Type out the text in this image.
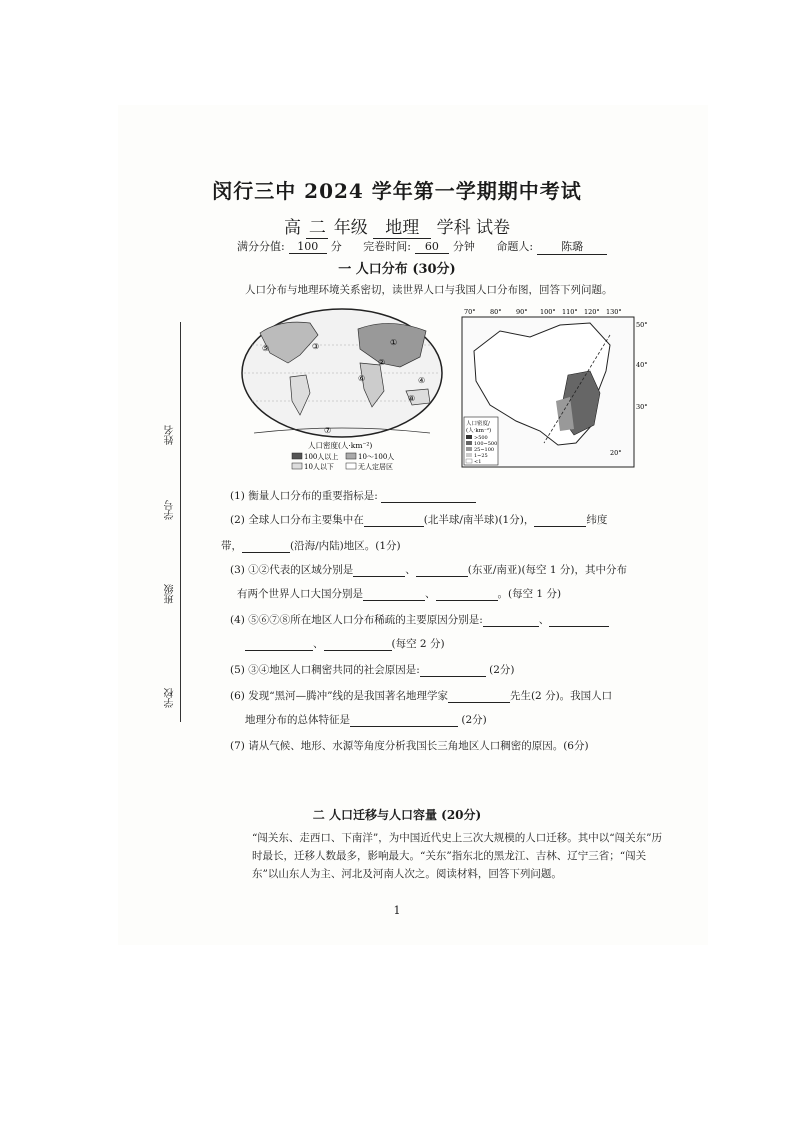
闵行三中 2024 学年第一学期期中考试
高 二 年级 地理 学科 试卷
满分分值: 100 分 完卷时间: 60 分钟 命题人:	陈璐
一 人口分布 (30分)
人口分布与地理环境关系密切，读世界人口与我国人口分布图，回答下列问题。
姓名
学号
班级
学校
⑤	③	①
②
④
⑥
⑧
⑦
人口密度(人·km⁻²)
100人以上	10～100人
10人以下	无人定居区
70° 80° 90° 100° 110° 120° 130°
50°
40°
30°
20°
人口密度/
(人·km⁻²)
>500
100~500
25~100
1~25
<1
(1) 衡量人口分布的重要指标是:
(2) 全球人口分布主要集中在	(北半球/南半球)(1分)，	纬度
带，	(沿海/内陆)地区。(1分)
(3) ①②代表的区域分别是	、	(东亚/南亚)(每空 1 分)，其中分布
有两个世界人口大国分别是	、	。(每空 1 分)
(4) ⑤⑥⑦⑧所在地区人口分布稀疏的主要原因分别是:	、
、	(每空 2 分)
(5) ③④地区人口稠密共同的社会原因是:	(2分)
(6) 发现“黑河—腾冲”线的是我国著名地理学家	先生(2 分)。我国人口
地理分布的总体特征是	(2分)
(7) 请从气候、地形、水源等角度分析我国长三角地区人口稠密的原因。(6分)
二 人口迁移与人口容量 (20分)
“闯关东、走西口、下南洋”，为中国近代史上三次大规模的人口迁移。其中以“闯关东”历时最长，迁移人数最多，影响最大。“关东”指东北的黑龙江、吉林、辽宁三省；“闯关东”以山东人为主、河北及河南人次之。阅读材料，回答下列问题。
1
